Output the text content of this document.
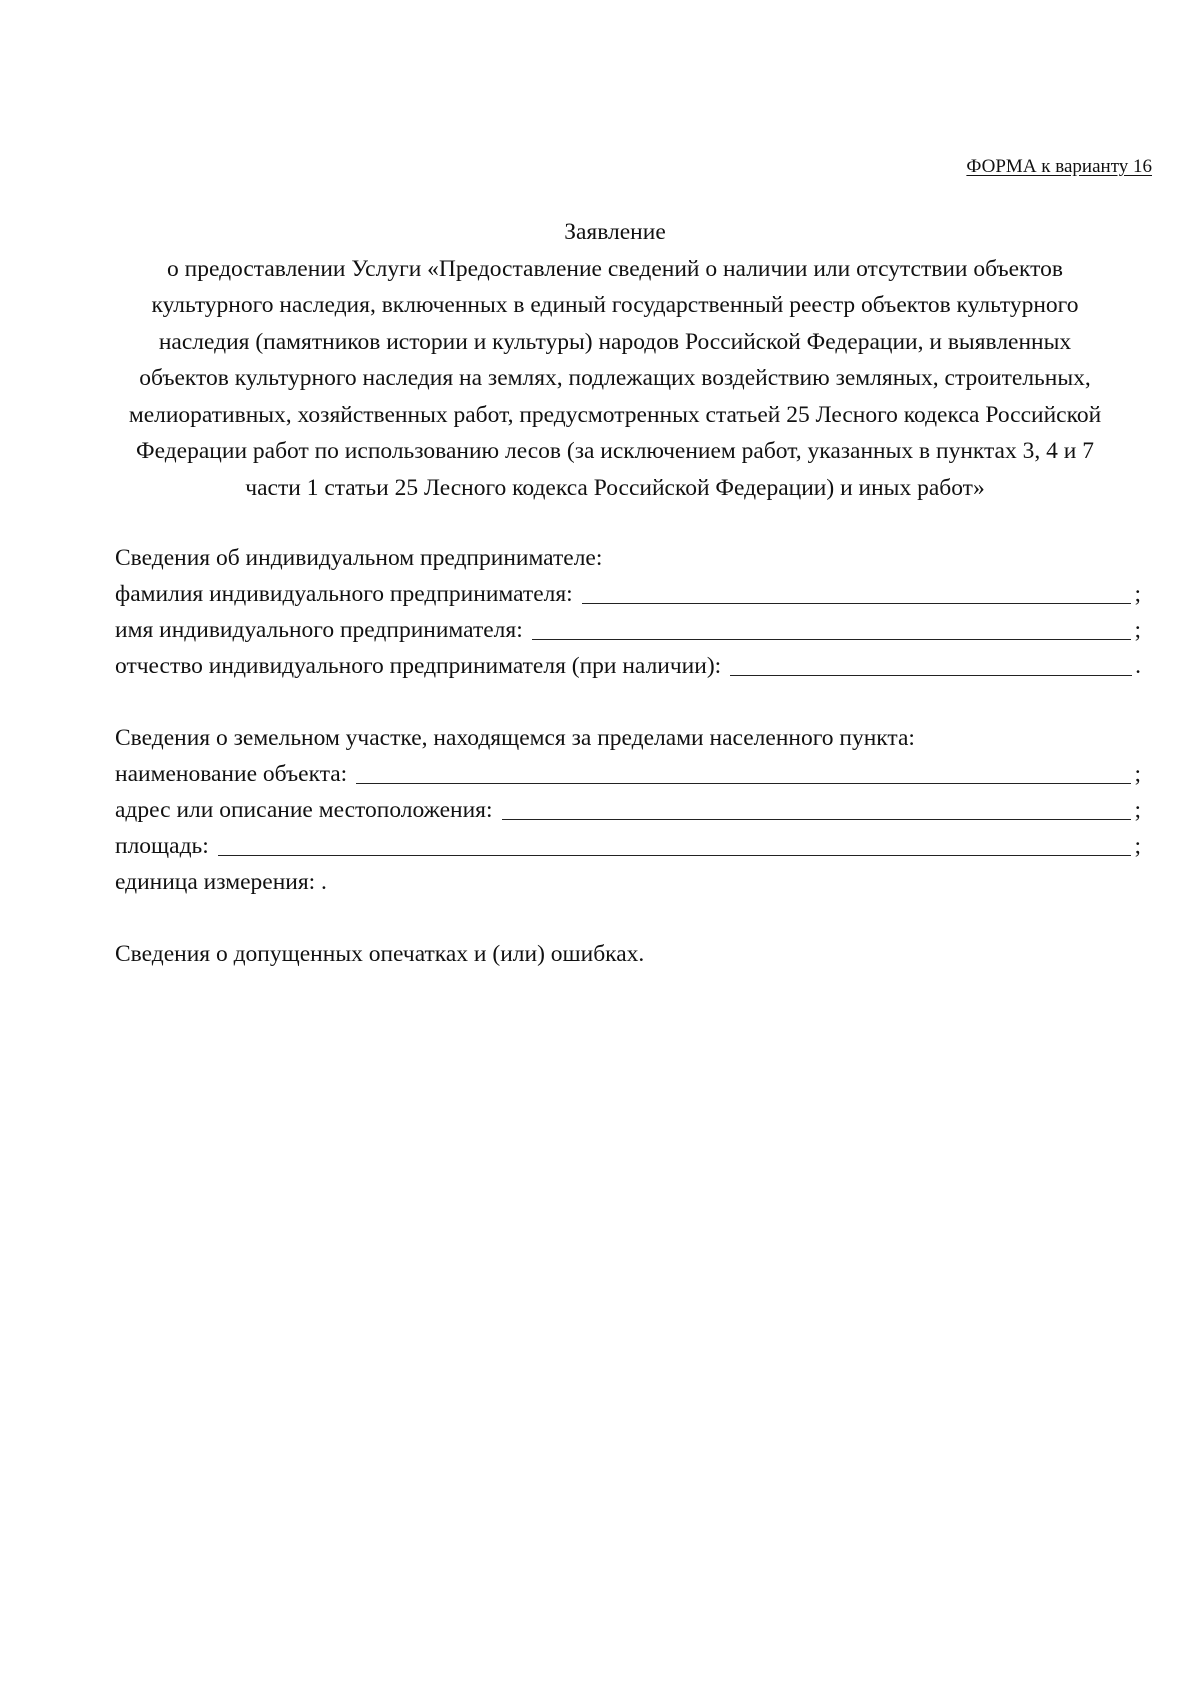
ФОРМА к варианту 16
Заявление
о предоставлении Услуги «Предоставление сведений о наличии или отсутствии объектов
культурного наследия, включенных в единый государственный реестр объектов культурного
наследия (памятников истории и культуры) народов Российской Федерации, и выявленных
объектов культурного наследия на землях, подлежащих воздействию земляных, строительных,
мелиоративных, хозяйственных работ, предусмотренных статьей 25 Лесного кодекса Российской
Федерации работ по использованию лесов (за исключением работ, указанных в пунктах 3, 4 и 7
части 1 статьи 25 Лесного кодекса Российской Федерации) и иных работ»
Сведения об индивидуальном предпринимателе:
фамилия индивидуального предпринимателя:	;
имя индивидуального предпринимателя:	;
отчество индивидуального предпринимателя (при наличии):	.
Сведения о земельном участке, находящемся за пределами населенного пункта:
наименование объекта:	;
адрес или описание местоположения:	;
площадь:	;
единица измерения: .
Сведения о допущенных опечатках и (или) ошибках.
